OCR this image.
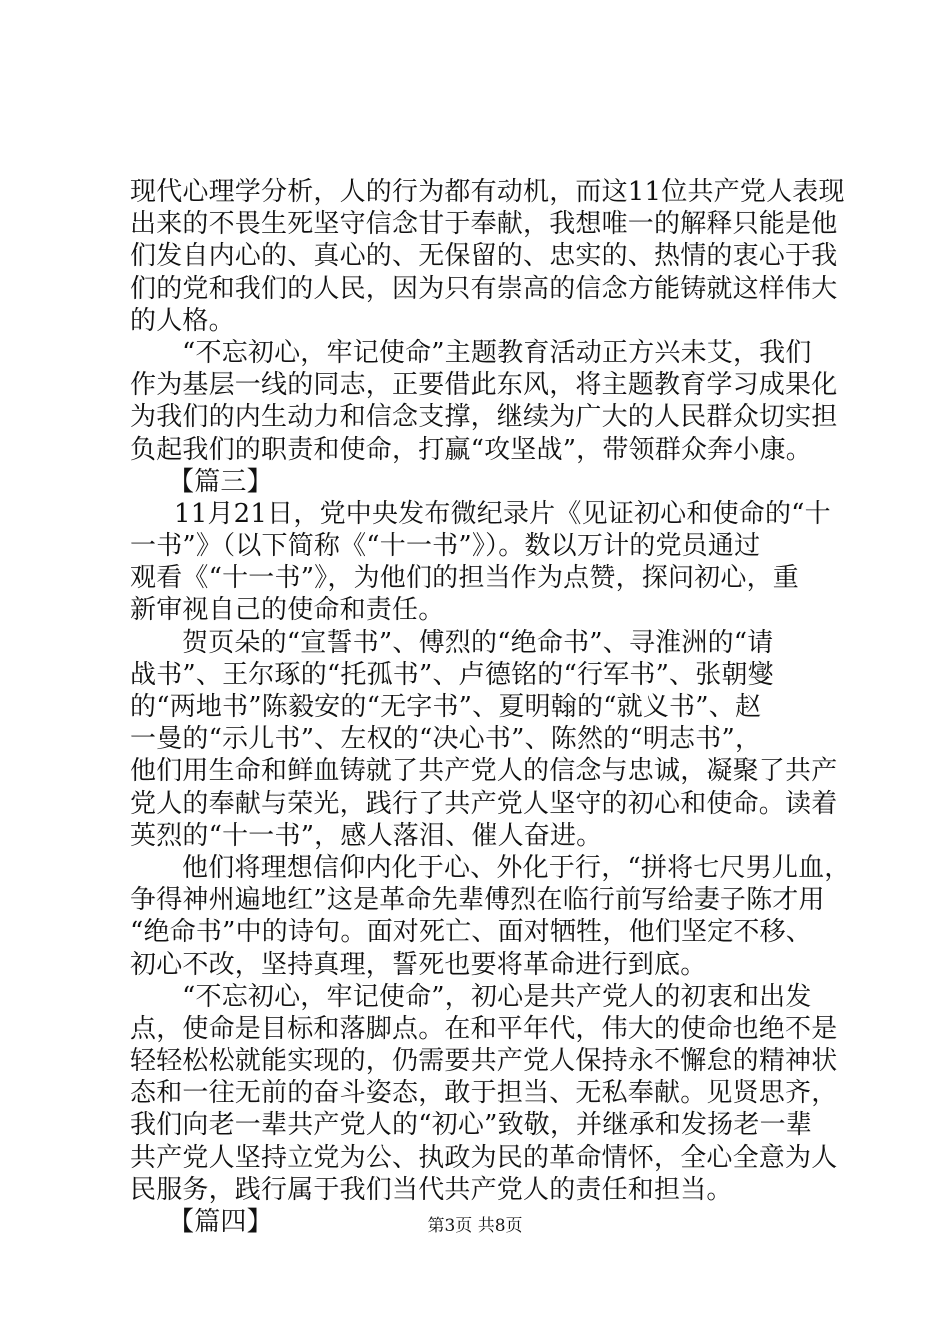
现代心理学分析，人的行为都有动机，而这11位共产党人表现
出来的不畏生死坚守信念甘于奉献，我想唯一的解释只能是他
们发自内心的、真心的、无保留的、忠实的、热情的衷心于我
们的党和我们的人民，因为只有崇高的信念方能铸就这样伟大
的人格。
“不忘初心，牢记使命”主题教育活动正方兴未艾，我们
作为基层一线的同志，正要借此东风，将主题教育学习成果化
为我们的内生动力和信念支撑，继续为广大的人民群众切实担
负起我们的职责和使命，打赢“攻坚战”，带领群众奔小康。
【篇三】
11月21日，党中央发布微纪录片《见证初心和使命的“十
一书”》（以下简称《“十一书”》）。数以万计的党员通过
观看《“十一书”》，为他们的担当作为点赞，探问初心，重
新审视自己的使命和责任。
贺页朵的“宣誓书”、傅烈的“绝命书”、寻淮洲的“请
战书”、王尔琢的“托孤书”、卢德铭的“行军书”、张朝燮
的“两地书”陈毅安的“无字书”、夏明翰的“就义书”、赵
一曼的“示儿书”、左权的“决心书”、陈然的“明志书”，
他们用生命和鲜血铸就了共产党人的信念与忠诚，凝聚了共产
党人的奉献与荣光，践行了共产党人坚守的初心和使命。读着
英烈的“十一书”，感人落泪、催人奋进。
他们将理想信仰内化于心、外化于行，“拼将七尺男儿血，
争得神州遍地红”这是革命先辈傅烈在临行前写给妻子陈才用
“绝命书”中的诗句。面对死亡、面对牺牲，他们坚定不移、
初心不改，坚持真理，誓死也要将革命进行到底。
“不忘初心，牢记使命”，初心是共产党人的初衷和出发
点，使命是目标和落脚点。在和平年代，伟大的使命也绝不是
轻轻松松就能实现的，仍需要共产党人保持永不懈怠的精神状
态和一往无前的奋斗姿态，敢于担当、无私奉献。见贤思齐，
我们向老一辈共产党人的“初心”致敬，并继承和发扬老一辈
共产党人坚持立党为公、执政为民的革命情怀，全心全意为人
民服务，践行属于我们当代共产党人的责任和担当。
【篇四】	第3页 共8页
